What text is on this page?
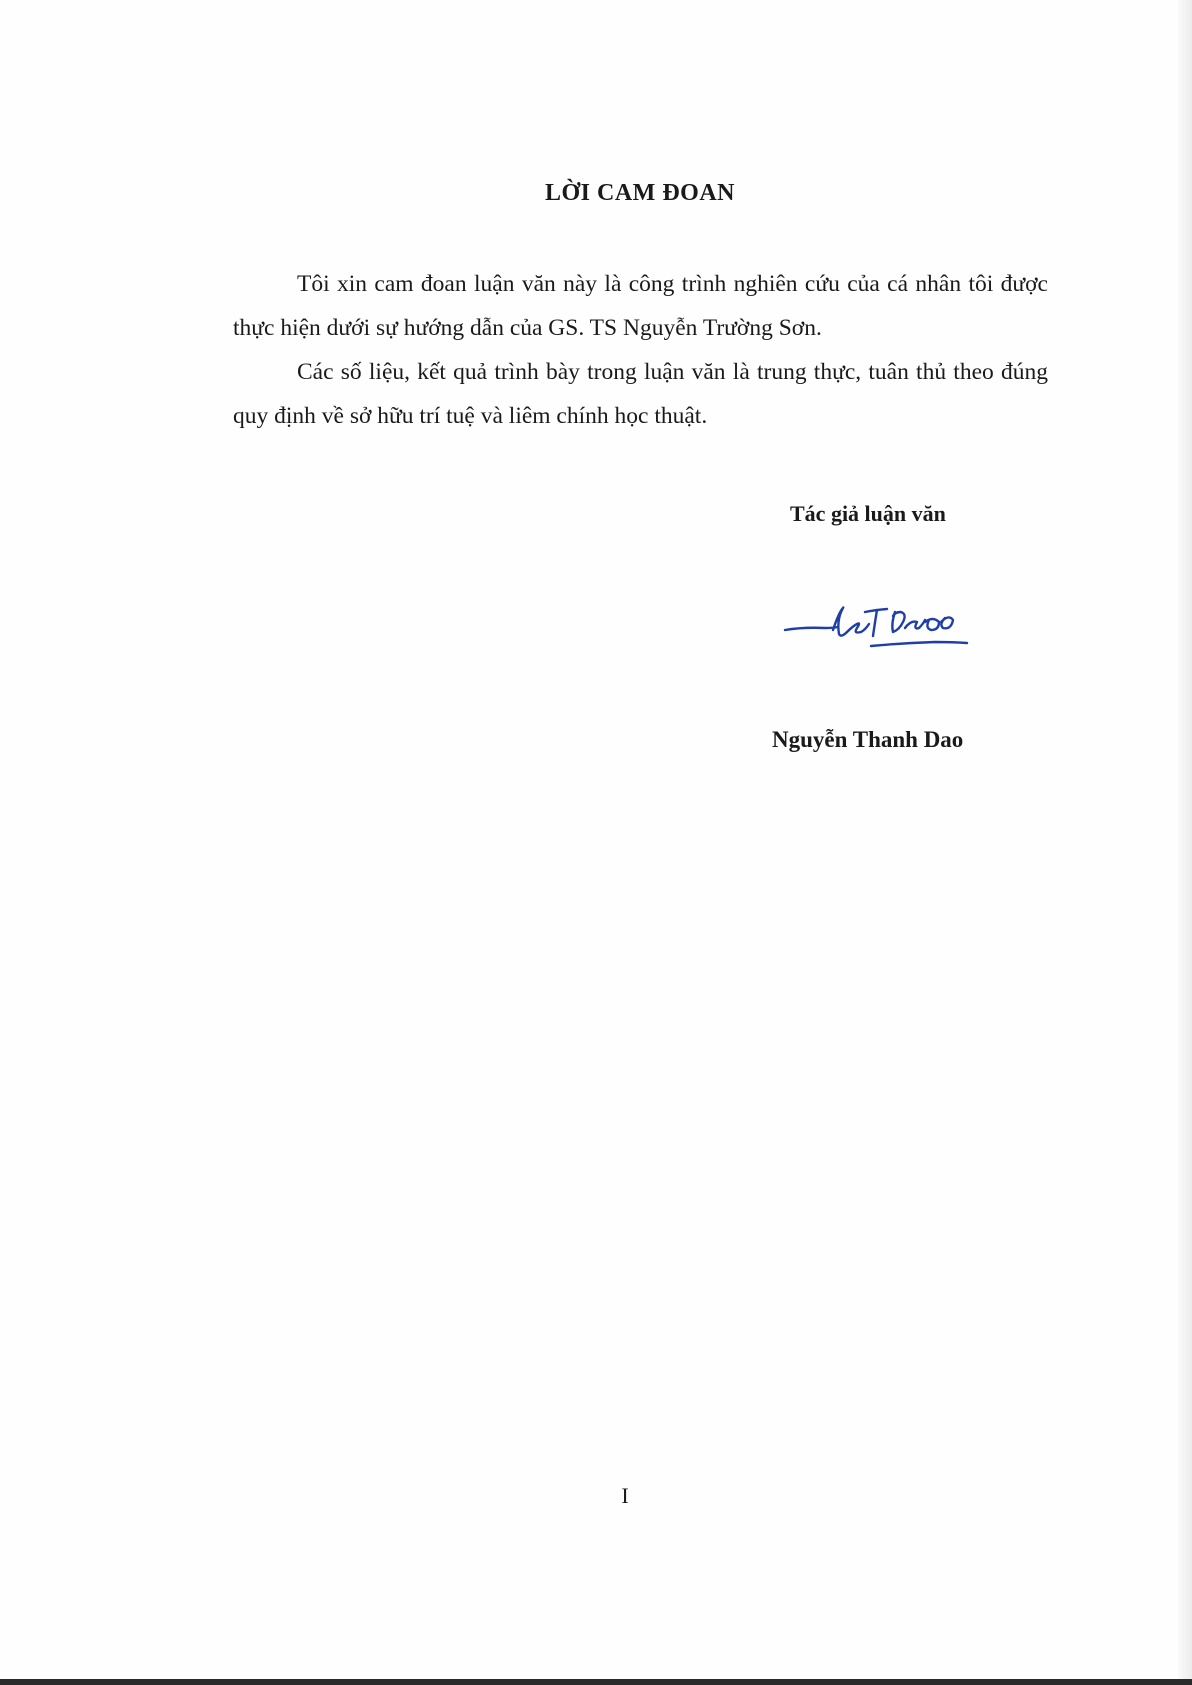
LỜI CAM ĐOAN

Tôi xin cam đoan luận văn này là công trình nghiên cứu của cá nhân tôi được thực hiện dưới sự hướng dẫn của GS. TS Nguyễn Trường Sơn.

Các số liệu, kết quả trình bày trong luận văn là trung thực, tuân thủ theo đúng quy định về sở hữu trí tuệ và liêm chính học thuật.

Tác giả luận văn
Nguyễn Thanh Dao
I
